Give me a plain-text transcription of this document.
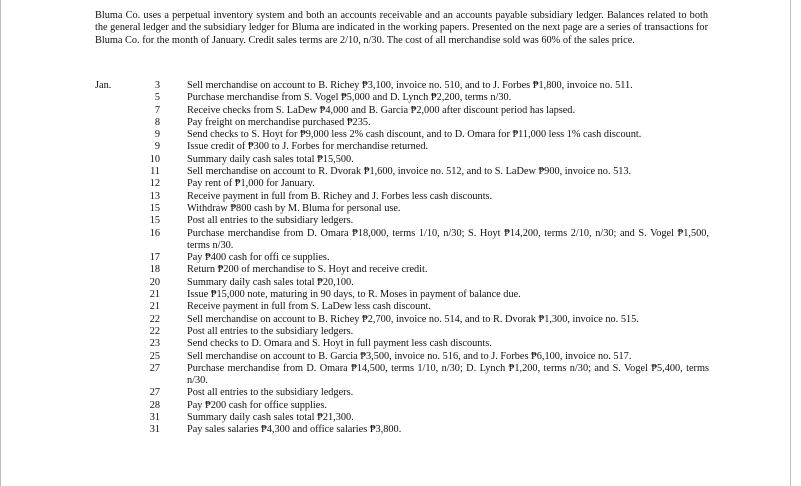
Bluma Co. uses a perpetual inventory system and both an accounts receivable and an accounts payable subsidiary ledger. Balances related to both the general ledger and the subsidiary ledger for Bluma are indicated in the working papers. Presented on the next page are a series of transactions for Bluma Co. for the month of January. Credit sales terms are 2/10, n/30. The cost of all merchandise sold was 60% of the sales price.

Jan.	3	Sell merchandise on account to B. Richey ₱3,100, invoice no. 510, and to J. Forbes ₱1,800, invoice no. 511.
5	Purchase merchandise from S. Vogel ₱5,000 and D. Lynch ₱2,200, terms n/30.
7	Receive checks from S. LaDew ₱4,000 and B. Garcia ₱2,000 after discount period has lapsed.
8	Pay freight on merchandise purchased ₱235.
9	Send checks to S. Hoyt for ₱9,000 less 2% cash discount, and to D. Omara for ₱11,000 less 1% cash discount.
9	Issue credit of ₱300 to J. Forbes for merchandise returned.
10	Summary daily cash sales total ₱15,500.
11	Sell merchandise on account to R. Dvorak ₱1,600, invoice no. 512, and to S. LaDew ₱900, invoice no. 513.
12	Pay rent of ₱1,000 for January.
13	Receive payment in full from B. Richey and J. Forbes less cash discounts.
15	Withdraw ₱800 cash by M. Bluma for personal use.
15	Post all entries to the subsidiary ledgers.
16	Purchase merchandise from D. Omara ₱18,000, terms 1/10, n/30; S. Hoyt ₱14,200, terms 2/10, n/30; and S. Vogel ₱1,500, terms n/30.
17	Pay ₱400 cash for offi ce supplies.
18	Return ₱200 of merchandise to S. Hoyt and receive credit.
20	Summary daily cash sales total ₱20,100.
21	Issue ₱15,000 note, maturing in 90 days, to R. Moses in payment of balance due.
21	Receive payment in full from S. LaDew less cash discount.
22	Sell merchandise on account to B. Richey ₱2,700, invoice no. 514, and to R. Dvorak ₱1,300, invoice no. 515.
22	Post all entries to the subsidiary ledgers.
23	Send checks to D. Omara and S. Hoyt in full payment less cash discounts.
25	Sell merchandise on account to B. Garcia ₱3,500, invoice no. 516, and to J. Forbes ₱6,100, invoice no. 517.
27	Purchase merchandise from D. Omara ₱14,500, terms 1/10, n/30; D. Lynch ₱1,200, terms n/30; and S. Vogel ₱5,400, terms n/30.
27	Post all entries to the subsidiary ledgers.
28	Pay ₱200 cash for office supplies.
31	Summary daily cash sales total ₱21,300.
31	Pay sales salaries ₱4,300 and office salaries ₱3,800.
